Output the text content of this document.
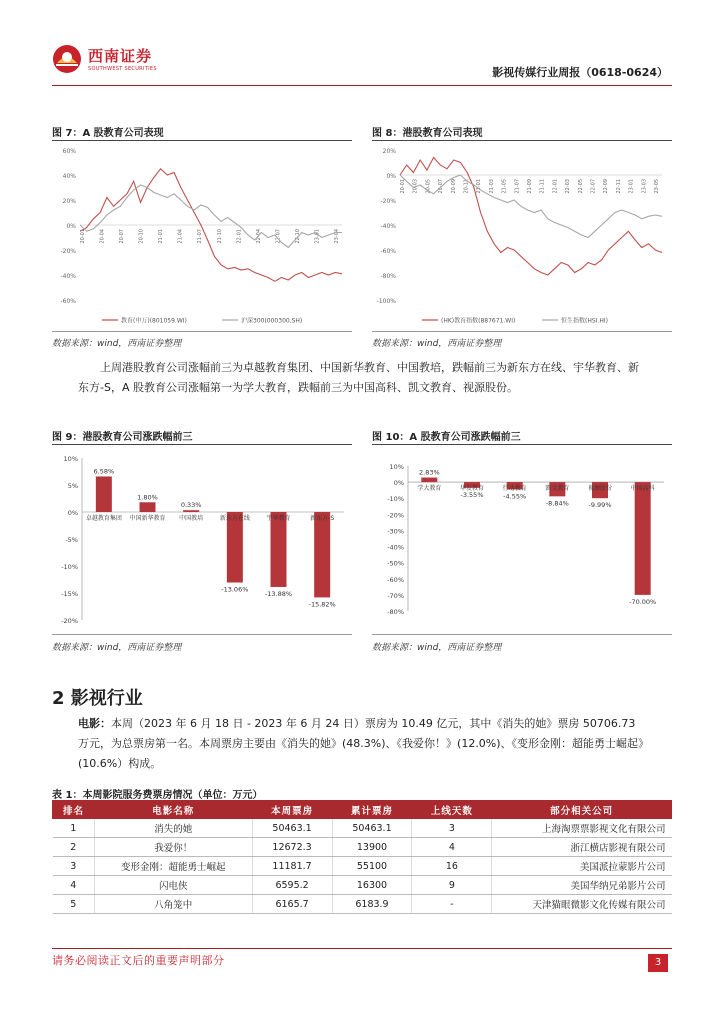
西南证券
SOUTHWEST SECURITIES	影视传媒行业周报（0618-0624）
图 7：A 股教育公司表现
60%
40%
20%
0%
-20%
-40%
-60%
20-01	20-04	20-07	20-10	21-01	21-04	21-07	21-10	22-01	22-04	22-07	22-10	23-01	23-04
教育(申万)(801059.WI)	沪深300(000300.SH)
数据来源：wind，西南证券整理
图 8：港股教育公司表现
20%
0%
-20%
-40%
-60%
-80%
-100%
20-01 20-03 20-05 20-07 20-09 20-11 21-01 21-03 21-05 21-07 21-09 21-11 22-01 22-03 22-05 22-07 22-09 22-11 23-01 23-03 23-05
(HK)教育指数(887671.WI)	恒生指数(HSI.HI)
数据来源：wind，西南证券整理
上周港股教育公司涨幅前三为卓越教育集团、中国新华教育、中国教培，跌幅前三为新东方在线、宇华教育、新东方-S，A 股教育公司涨幅第一为学大教育，跌幅前三为中国高科、凯文教育、视源股份。
图 9：港股教育公司涨跌幅前三
10%
5%
0%
-5%
-10%
-15%
-20%
6.58%
卓越教育集团
1.80%
中国新华教育
0.33%
中国教培
-13.06%
新东方在线
-13.88%
宇华教育
-15.82%
新东方-S
数据来源：wind，西南证券整理
图 10：A 股教育公司涨跌幅前三
10%
0%
-10%
-20%
-30%
-40%
-50%
-60%
-70%
-80%
2.83%
学大教育
-3.55%
华发教育
-4.55%
行动教育
-8.84%
凯文教育
-9.99%
视源股份
-70.00%
中国高科
数据来源：wind，西南证券整理
2 影视行业
电影：本周（2023 年 6 月 18 日 - 2023 年 6 月 24 日）票房为 10.49 亿元，其中《消失的她》票房 50706.73 万元，为总票房第一名。本周票房主要由《消失的她》(48.3%)、《我爱你！》(12.0%)、《变形金刚：超能勇士崛起》(10.6%）构成。
表 1：本周影院服务费票房情况（单位：万元）
排名	电影名称	本周票房	累计票房	上线天数	部分相关公司
1	消失的她	50463.1	50463.1	3	上海淘票票影视文化有限公司
2	我爱你！	12672.3	13900	4	浙江横店影视有限公司
3	变形金刚：超能勇士崛起	11181.7	55100	16	美国派拉蒙影片公司
4	闪电侠	6595.2	16300	9	美国华纳兄弟影片公司
5	八角笼中	6165.7	6183.9	-	天津猫眼微影文化传媒有限公司
请务必阅读正文后的重要声明部分	3
